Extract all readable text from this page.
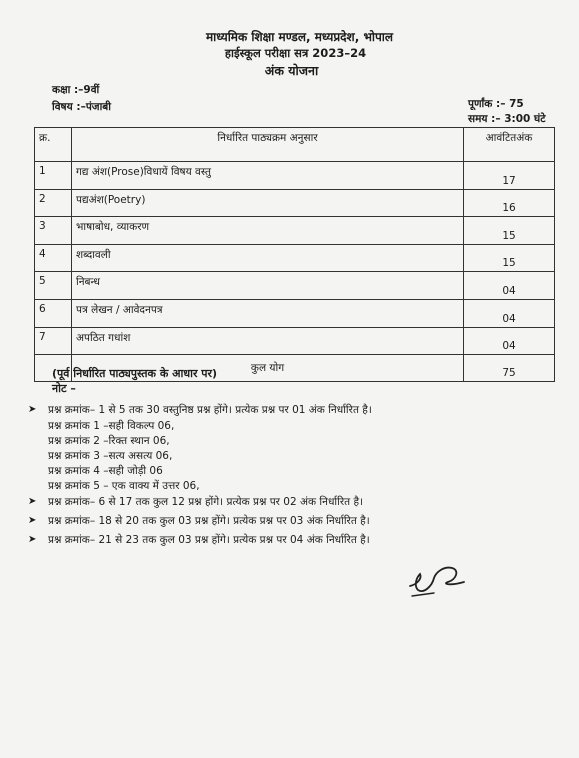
माध्यमिक शिक्षा मण्डल, मध्यप्रदेश, भोपाल
हाईस्कूल परीक्षा सत्र 2023–24
अंक योजना
कक्षा :–9वीं
विषय :–पंजाबी	पूर्णांक :– 75
समय :– 3:00 घंटे
क्र.	निर्धारित पाठ्यक्रम अनुसार	आवंटितअंक
1	गद्य अंश(Prose)विधायें विषय वस्तु	17
2	पद्यअंश(Poetry)	16
3	भाषाबोध, व्याकरण	15
4	शब्दावली	15
5	निबन्ध	04
6	पत्र लेखन / आवेदनपत्र	04
7	अपठित गधांश	04
	कुल योग	75
(पूर्व निर्धारित पाठ्यपुस्तक के आधार पर)
नोट –
➤ प्रश्न क्रमांक– 1 से 5 तक 30 वस्तुनिष्ठ प्रश्न होंगे। प्रत्येक प्रश्न पर 01 अंक निर्धारित है।
प्रश्न क्रमांक 1 –सही विकल्प 06,
प्रश्न क्रमांक 2 –रिक्त स्थान 06,
प्रश्न क्रमांक 3 –सत्य असत्य 06,
प्रश्न क्रमांक 4 –सही जोड़ी 06
प्रश्न क्रमांक 5 – एक वाक्य में उत्तर 06,
➤ प्रश्न क्रमांक– 6 से 17 तक कुल 12 प्रश्न होंगे। प्रत्येक प्रश्न पर 02 अंक निर्धारित है।
➤ प्रश्न क्रमांक– 18 से 20 तक कुल 03 प्रश्न होंगे। प्रत्येक प्रश्न पर 03 अंक निर्धारित है।
➤ प्रश्न क्रमांक– 21 से 23 तक कुल 03 प्रश्न होंगे। प्रत्येक प्रश्न पर 04 अंक निर्धारित है।
